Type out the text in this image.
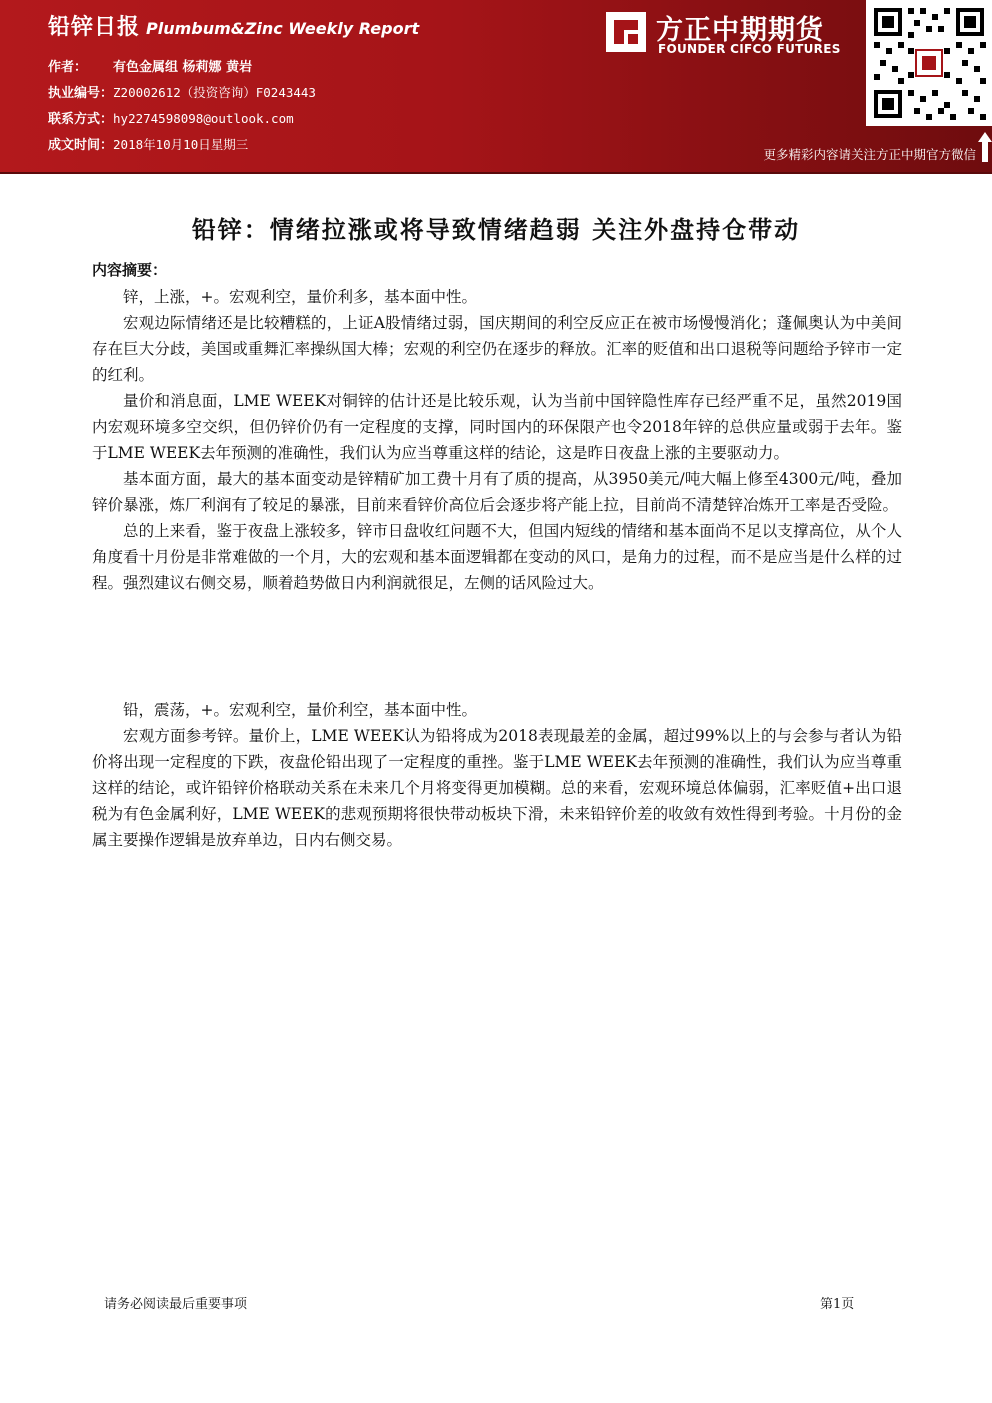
铅锌日报 Plumbum&Zinc Weekly Report
作者： 有色金属组 杨莉娜 黄岩
执业编号：Z20002612（投资咨询）F0243443
联系方式：hy2274598098@outlook.com
成文时间：2018年10月10日星期三
方正中期期货
FOUNDER CIFCO FUTURES
更多精彩内容请关注方正中期官方微信
铅锌：情绪拉涨或将导致情绪趋弱 关注外盘持仓带动
内容摘要：

锌，上涨，+。宏观利空，量价利多，基本面中性。

宏观边际情绪还是比较糟糕的，上证A股情绪过弱，国庆期间的利空反应正在被市场慢慢消化；蓬佩奥认为中美间存在巨大分歧，美国或重舞汇率操纵国大棒；宏观的利空仍在逐步的释放。汇率的贬值和出口退税等问题给予锌市一定的红利。

量价和消息面，LME WEEK对铜锌的估计还是比较乐观，认为当前中国锌隐性库存已经严重不足，虽然2019国内宏观环境多空交织，但仍锌价仍有一定程度的支撑，同时国内的环保限产也令2018年锌的总供应量或弱于去年。鉴于LME WEEK去年预测的准确性，我们认为应当尊重这样的结论，这是昨日夜盘上涨的主要驱动力。

基本面方面，最大的基本面变动是锌精矿加工费十月有了质的提高，从3950美元/吨大幅上修至4300元/吨，叠加锌价暴涨，炼厂利润有了较足的暴涨，目前来看锌价高位后会逐步将产能上拉，目前尚不清楚锌冶炼开工率是否受险。

总的上来看，鉴于夜盘上涨较多，锌市日盘收红问题不大，但国内短线的情绪和基本面尚不足以支撑高位，从个人角度看十月份是非常难做的一个月，大的宏观和基本面逻辑都在变动的风口，是角力的过程，而不是应当是什么样的过程。强烈建议右侧交易，顺着趋势做日内利润就很足，左侧的话风险过大。

铅，震荡，+。宏观利空，量价利空，基本面中性。

宏观方面参考锌。量价上，LME WEEK认为铅将成为2018表现最差的金属，超过99%以上的与会参与者认为铅价将出现一定程度的下跌，夜盘伦铅出现了一定程度的重挫。鉴于LME WEEK去年预测的准确性，我们认为应当尊重这样的结论，或许铅锌价格联动关系在未来几个月将变得更加模糊。总的来看，宏观环境总体偏弱，汇率贬值+出口退税为有色金属利好，LME WEEK的悲观预期将很快带动板块下滑，未来铅锌价差的收敛有效性得到考验。十月份的金属主要操作逻辑是放弃单边，日内右侧交易。

请务必阅读最后重要事项	第1页
